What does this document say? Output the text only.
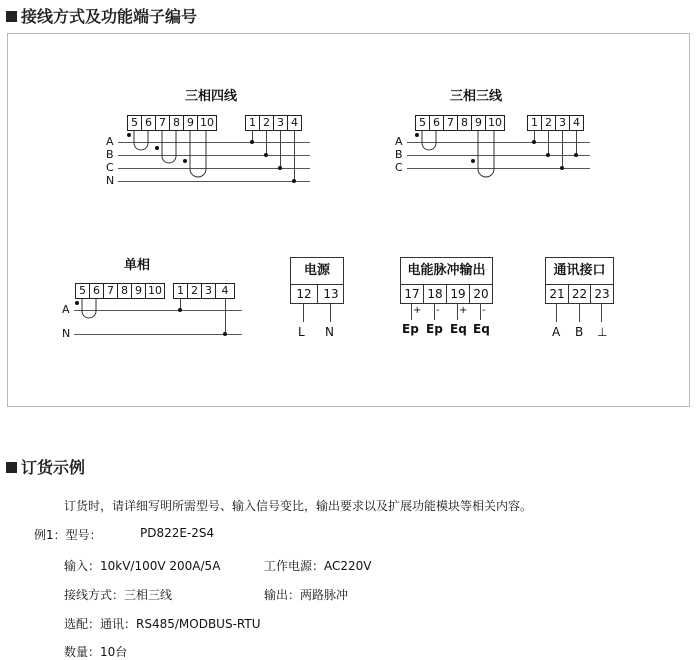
接线方式及功能端子编号
三相四线
5 6 7 8 9 10	1 2 3 4
A
B
C
N
三相三线
5 6 7 8 9 10	1 2 3 4
A
B
C
单相
5 6 7 8 9 10	1 2 3 4
A
N
电源
12 13
L N
电能脉冲输出
17 18 19 20
+ - + -
Ep Ep Eq Eq
通讯接口
21 22 23
A B ⊥
订货示例
订货时，请详细写明所需型号、输入信号变比，输出要求以及扩展功能模块等相关内容。
例1：型号：	PD822E-2S4
输入：10kV/100V 200A/5A	工作电源：AC220V
接线方式：三相三线	输出：两路脉冲
选配：通讯：RS485/MODBUS-RTU
数量：10台
